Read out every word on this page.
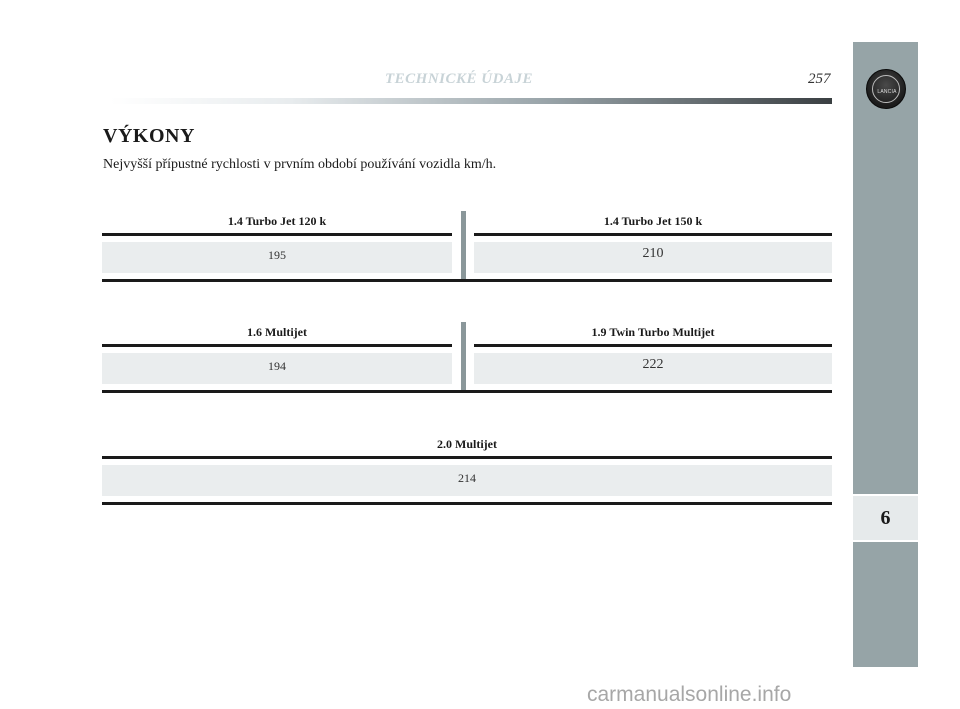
TECHNICKÉ ÚDAJE	257
LANCIA
6
VÝKONY
Nejvyšší přípustné rychlosti v prvním období používání vozidla km/h.
1.4 Turbo Jet 120 k
195
1.4 Turbo Jet 150 k
210
1.6 Multijet
194
1.9 Twin Turbo Multijet
222
2.0 Multijet
214
carmanualsonline.info
